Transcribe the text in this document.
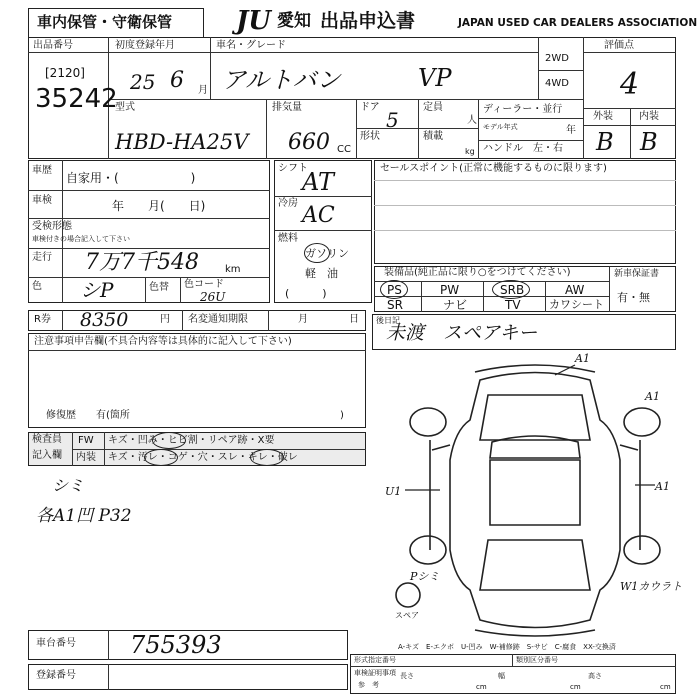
車内保管・守衛保管 JU 愛知 出品申込書	JAPAN USED CAR DEALERS ASSOCIATION
出品番号
[2120]
35242
初度登録年月
25 6 月
車名・グレード
アルトバン	VP
2WD
4WD
評価点
4
外装	内装
B B
型式
HBD-HA25V
排気量
660 CC
ドア
5
形状
定員
人
積載
kg
ディーラー・並行
モデル年式	年
ハンドル　左・右
車歴
自家用・(　　　　　　)
車検	年　　月(　　日)
受検形態
車検付きの場合記入して下さい
走行 7万7千548	km
色 シP	色替 色コード
26U
シフト
AT
冷房 AC
燃料
ガソリン
軽　油
(　　　)
セールスポイント(正常に機能するものに限ります)
装備品(純正品に限り○をつけてください)	新車保証書
有・無
PS	PW	SRB	AW
SR	ナビ	TV	カワシート
R券 8350	円 名変通知期限	月	日 後日記
未渡　スペアキー
注意事項申告欄(不具合内容等は具体的に記入して下さい)
修復歴　　有(箇所	)
検査員
記入欄
FW キズ・凹み・ヒビ割・リペア跡・X要
内装 キズ・汚レ・コゲ・穴・スレ・キレ・破レ
シミ
各A1凹 P32
A1
A1
U1	A1
Pシミ
W1カウラト
スペア
A-キズ　E-エクボ　U-凹み　W-補修跡　S-サビ　C-腐食　XX-交換済
車台番号 755393
登録番号
形式指定番号	類別区分番号
車検証明事項
参　考
長さ
cm
幅
cm
高さ
cm
